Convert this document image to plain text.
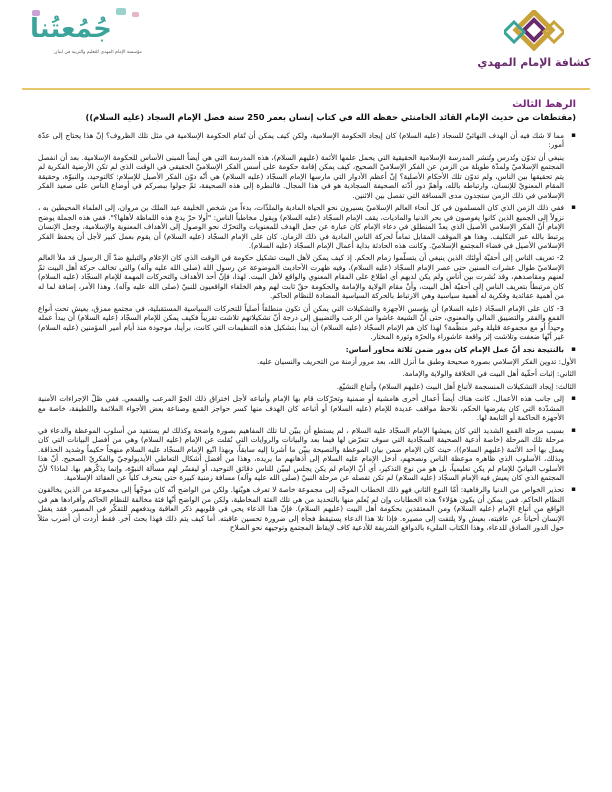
جُمُعتُنا
مؤسسة الإمام المهدي للتعليم والتربية في لبنان
كشافة الإمام المهدي
الرهط الثالث
(مقتطفات من حديث الإمام القائد الخامنئي حفظه الله في كتاب إنسان بعمر 250 سنة فصل الإمام السجاد (عليه السلام))

▪ مما لا شك فيه أن الهدف النهائيّ للسجاد (عليه السلام) كان إيجاد الحكومة الإسلامية، ولكن كيف يمكن أن تُقام الحكومة الإسلامية في مثل تلك الظروف؟ إنّ هذا يحتاج إلى عدّة أمور:

ينبغي أن تدوّن وتُدرس وتُنشر المدرسة الإسلامية الحقيقية التي يحمل علمها الأئمة (عليهم السلام)، هذه المدرسة التي هي أيضاً المبنى الأساس للحكومة الإسلامية. بعد أن انفصل المجتمع الإسلاميّ ولمدّة طويلة من الزمن عن الفكر الإسلاميّ الصحيح، كيف يمكن إقامة حكومة على أسس الفكر الإسلاميّ الحقيقي في الوقت الذي لم تكن الأرضية الفكرية لم يتم تحقيقها بين الناس، ولم تدوّن تلك الأحكام الأصلية؟ إنّ أعظم الأدوار التي مارسها الإمام السجّاد (عليه السلام) هي أنّه دوّن الفكر الأصيل للإسلام: كالتوحيد، والنبوّة، وحقيقة المقام المعنويّ للإنسان، وارتباطه بالله، وأهمّ دور أدّته الصحيفة السجادية هو في هذا المجال. فالنطرة إلى هذه الصحيفة، ثمّ جولوا ببصركم في أوضاع الناس على صعيد الفكر الإسلامي في ذلك الزمن ستجدون مدى المسافة التي تفصل بين الاثنين.

▪ ففي ذلك الزمن الذي كان المسلمون في كل أنحاء العالم الإسلاميّ يسيرون نحو الحياة المادية والملذّات، بدءاً من شخص الخليفة عبد الملك بن مروان، إلى العلماء المحيطين به ، نزولاً إلى الجميع الذين كانوا يغوصون في بحر الدنيا والماديات، يقف الإمام السجّاد (عليه السلام) ويقول مخاطباً الناس: "أولا حرّ يدع هذه اللماظة لأهلها؟". ففي هذه الجملة يوضح الإمام أنّ الفكر الإسلامي الأصيل الذي يعدّ المنطلق في دعاء الإمام كان عبارة عن جعل الهدف للمعنويات والتحرّك نحو الوصول إلى الأهداف المعنوية والإسلامية، وجعل الإنسان يرتبط بالله عبر التكليف. وهذا هو الموقف المقابل تماماً لحركة الناس المادية في ذلك الزمان. كان على الإمام السجّاد (عليه السلام) أن يقوم بعمل كبير لأجل أن يحفظ الفكر الإسلامي الأصيل في فضاء المجتمع الإسلاميّ. وكانت هذه الحادثة بداية أعمال الإمام السجّاد (عليه السلام).

2- تعريف الناس إلى أحقيّة أولئك الذين ينبغي أن يتسلّموا زمام الحكم. إذ كيف يمكن لأهل البيت تشكيل حكومة في الوقت الذي كان الإعلام والتبليغ ضدّ آل الرسول قد ملأ العالم الإسلاميّ طوال عشرات السنين حتى عصر الإمام السجّاد (عليه السلام)، وفيه ظهرت الأحاديث الموضوعة عن رسول الله (صلى الله عليه وآله) والتي تخالف حركة أهل البيت ثمّ لعنهم ومقاصدهم، وقد نُشرت بين أناس ولم يكن لديهم أي اطلاع على المقام المعنوي والواقع لأهل البيت. لهذا، فإنّ أحد الأهداف والتحركات المهمة للإمام السجّاد (عليه السلام) كان مرتبطاً بتعريف الناس إلى أحقيّة أهل البيت، وأنّ مقام الولاية والإمامة والحكومة حقّ ثابت لهم وهم الخلفاء الواقعيون للنبيّ (صلى الله عليه وآله). وهذا الأمر، إضافة لما له من أهمية عقائدية وفكرية له أهمية سياسية وهي الارتباط بالحركة السياسية المضادة للنظام الحاكم.

3- كان على الإمام السجّاد (عليه السلام) أن يؤسس الأجهزة والتشكيلات التي يمكن أن تكون منطلقاً أصلياً للتحركات السياسية المستقبلية، في مجتمع ممزق، يعيش تحت أنواع القمع والفقر والتضييق المالي والمعنوي، حتى أنّ الشيعة عاشوا من الرعب والتضييق إلى درجة أنّ تشكيلاتهم تلاشت تقريباً فكيف يمكن للإمام السجّاد (عليه السلام) أن يبدأ عمله وحيداً أو مع مجموعة قليلة وغير منظّمة؟ لهذا كان هم الإمام السجّاد (عليه السلام) أن يبدأ بتشكيل هذه التنظيمات التي كانت، برأينا، موجودة منذ أيام أمير المؤمنين (عليه السلام) غير أنّها ضعفت وتلاشت إثر واقعة عاشوراء والحرّة وثورة المختار.

▪ بالنتيجة نجد أنّ عمل الإمام كان يدور ضمن ثلاثة محاور أساس:

الأول: تدوين الفكر الإسلامي بصورة صحيحة وطبق ما أنزل الله، بعد مرور أزمنة من التحريف والنسيان عليه.

الثاني: إثبات أحقّية أهل البيت في الخلافة والولاية والإمامة.

الثالث: إيجاد التشكيلات المنسجمة لأتباع أهل البيت (عليهم السلام) وأتباع التشيّع.

▪ إلى جانب هذه الأعمال، كانت هناك أيضاً أعمال أخرى هامشية أو ضمنية وتحرّكات قام بها الإمام وأتباعه لأجل اختراق ذلك الجوّ المرعب والقمعي. ففي ظلّ الإجراءات الأمنية المشدّدة التي كان يفرضها الحكم، نلاحظ مواقف عديدة للإمام (عليه السلام) أو أتباعه كان الهدف منها كسر حواجز القمع وصناعة بعض الأجواء الملائمة واللطيفة، خاصة مع الأجهزة الحاكمة أو التابعة لها.

▪ بسبب مرحلة القمع الشديد التي كان يعيشها الإمام السجّاد عليه السلام ، لم يستطع أن يبيّن لنا تلك المفاهيم بصورة واضحة وكذلك لم يستفيد من أسلوب الموعظة والدعاء في مرحلة تلك المرحلة (خاصة أدعية الصحيفة السجّادية التي سوف تتعرّض لها فيما بعد والبيانات والروايات التي نُقلت عن الإمام (عليه السلام) وهي من أفضل البيانات التي كان يعمل بها أحد الأئمة (عليهم السلام))، حيث كان الإمام ضمن بيان الموعظة والنصيحة يبيّن ما أشرنا إليه سابقاً، وبهذا اتّبع الإمام السجّاد عليه السلام منهجاً حكيماً وشديد الحذاقة. وبذلك، الأسلوب الذي ظاهره موعظة الناس ونصحهم، أدخل الإمام عليه السلام إلى أذهانهم ما يريده، وهذا من أفضل أشكال التعاطي الأيديولوجيّ والفكريّ الصحيح. أنّ هذا الأسلوب البيانيّ للإمام لم يكن تعليمياً، بل هو من نوع التذكير، أي أنّ الإمام لم يكن يجلس ليبيّن للناس دقائق التوحيد، أو ليفسّر لهم مسألة النبوّة، وإنما يذكّرهم بها. لماذا؟ لأنّ المجتمع الذي كان يعيش فيه الإمام السجّاد (عليه السلام) لم تكن تفصله عن مرحلة النبيّ (صلى الله عليه وآله) مسافة زمنية كبيرة حتى ينحرف كلياً عن العقائد الإسلامية.

▪ تحذير الخواص من الدنيا والرفاهية: أمّا النوع الثاني فهو ذلك الخطاب الموجّه إلى مجموعة خاصة لا تعرف هويّتها. ولكن من الواضح أنّه كان موجّهاً إلى مجموعة من الذين يخالفون النظام الحاكم. فمن يمكن أن يكون هؤلاء؟ هذه الخطابات وإن لم يُعلم منها بالتحديد من هي تلك الفئة المخاطبة، ولكن من الواضح أنّها فئة مخالفة للنظام الحاكم وأفرادها هم في الواقع من أتباع الإمام (عليه السلام) ومن المعتقدين بحكومة أهل البيت (عليهم السلام). فإنّ هذا الدعاء يحي في قلوبهم ذكر العاقبة ويدفعهم للتفكّر في المصير. فقد يغفل الإنسان أحياناً عن عاقبته، بعيش ولا يلتفت إلى مصيره. فإذا تلا هذا الدعاء يستيقظ فجأة إلى ضرورة تحسين عاقبته. أما كيف يتم ذلك فهذا بحث آخر. فقط أردت أن أضرب مثلاً حول الدور الصادق للدعاء، وهذا الكتاب المليء بالدوافع الشريفة للأدعية كاف لإيقاظ المجتمع وتوجيهه نحو الصلاح
